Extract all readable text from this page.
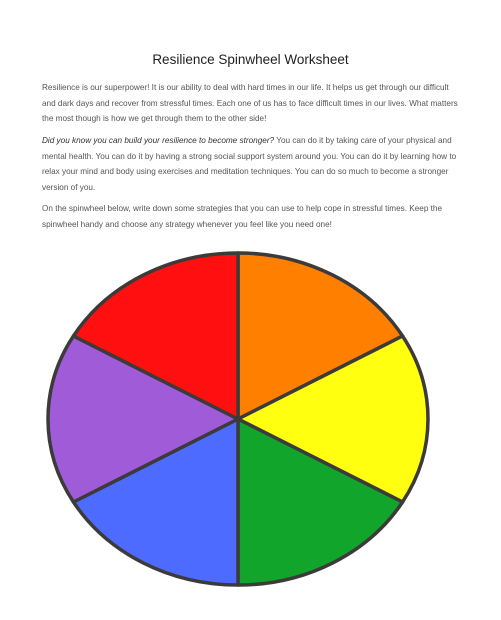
Resilience Spinwheel Worksheet
Resilience is our superpower! It is our ability to deal with hard times in our life. It helps us get through our difficult and dark days and recover from stressful times. Each one of us has to face difficult times in our lives. What matters the most though is how we get through them to the other side!
Did you know you can build your resilience to become stronger? You can do it by taking care of your physical and mental health. You can do it by having a strong social support system around you. You can do it by learning how to relax your mind and body using exercises and meditation techniques. You can do so much to become a stronger version of you.
On the spinwheel below, write down some strategies that you can use to help cope in stressful times. Keep the spinwheel handy and choose any strategy whenever you feel like you need one!
